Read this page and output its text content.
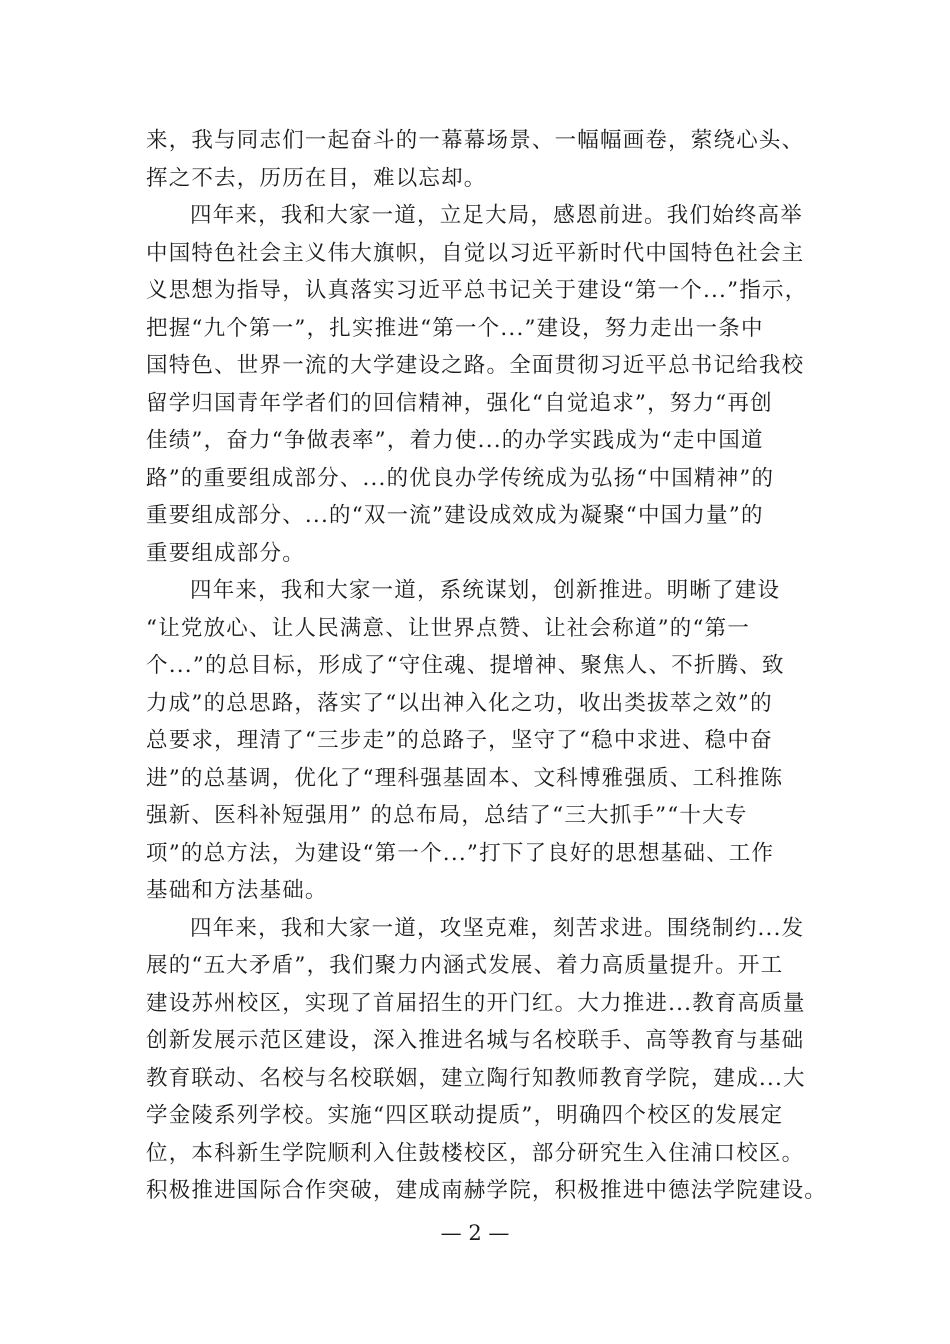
来，我与同志们一起奋斗的一幕幕场景、一幅幅画卷，萦绕心头、
挥之不去，历历在目，难以忘却。
四年来，我和大家一道，立足大局，感恩前进。我们始终高举
中国特色社会主义伟大旗帜，自觉以习近平新时代中国特色社会主
义思想为指导，认真落实习近平总书记关于建设“第一个...”指示，
把握“九个第一”，扎实推进“第一个...”建设，努力走出一条中
国特色、世界一流的大学建设之路。全面贯彻习近平总书记给我校
留学归国青年学者们的回信精神，强化“自觉追求”，努力“再创
佳绩”，奋力“争做表率”，着力使...的办学实践成为“走中国道
路”的重要组成部分、...的优良办学传统成为弘扬“中国精神”的
重要组成部分、...的“双一流”建设成效成为凝聚“中国力量”的
重要组成部分。
四年来，我和大家一道，系统谋划，创新推进。明晰了建设
“让党放心、让人民满意、让世界点赞、让社会称道”的“第一
个...”的总目标，形成了“守住魂、提增神、聚焦人、不折腾、致
力成”的总思路，落实了“以出神入化之功，收出类拔萃之效”的
总要求，理清了“三步走”的总路子，坚守了“稳中求进、稳中奋
进”的总基调，优化了“理科强基固本、文科博雅强质、工科推陈
强新、医科补短强用” 的总布局，总结了“三大抓手”“十大专
项”的总方法，为建设“第一个...”打下了良好的思想基础、工作
基础和方法基础。
四年来，我和大家一道，攻坚克难，刻苦求进。围绕制约...发
展的“五大矛盾”，我们聚力内涵式发展、着力高质量提升。开工
建设苏州校区，实现了首届招生的开门红。大力推进...教育高质量
创新发展示范区建设，深入推进名城与名校联手、高等教育与基础
教育联动、名校与名校联姻，建立陶行知教师教育学院，建成...大
学金陵系列学校。实施“四区联动提质”，明确四个校区的发展定
位，本科新生学院顺利入住鼓楼校区，部分研究生入住浦口校区。
积极推进国际合作突破，建成南赫学院，积极推进中德法学院建设。
— 2 —
